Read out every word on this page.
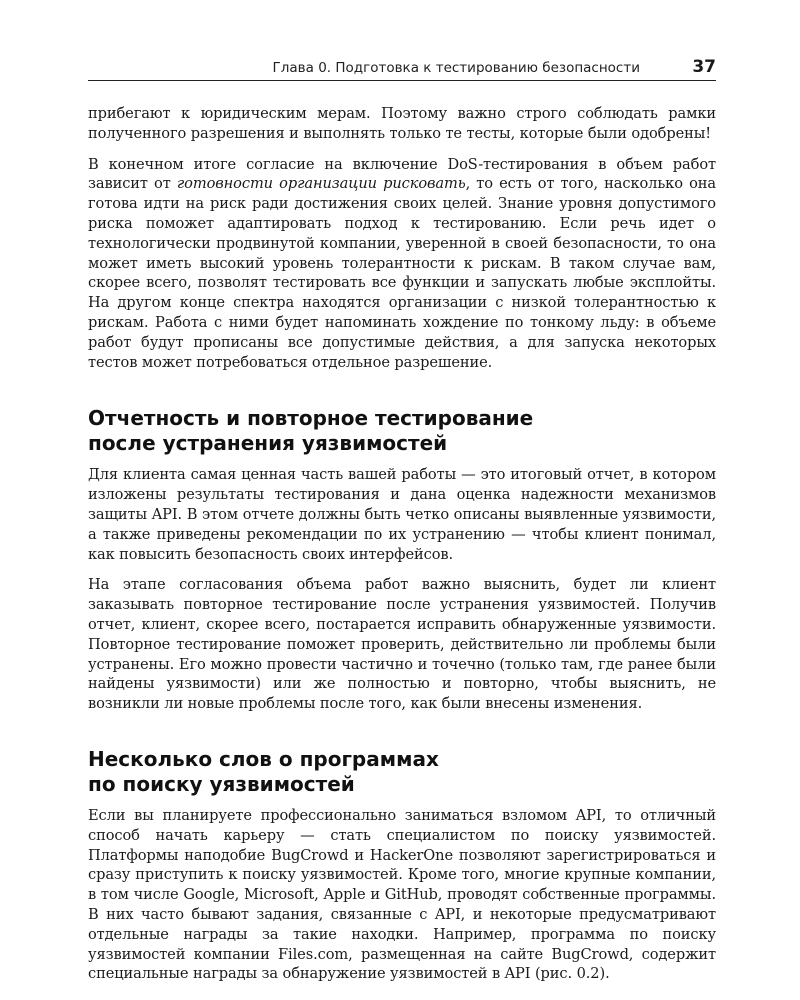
Глава 0. Подготовка к тестированию безопасности	37

прибегают к юридическим мерам. Поэтому важно строго соблюдать рамки полученного разрешения и выполнять только те тесты, которые были одобрены!

В конечном итоге согласие на включение DoS-тестирования в объем работ зависит от готовности организации рисковать, то есть от того, насколько она готова идти на риск ради достижения своих целей. Знание уровня допустимого риска поможет адаптировать подход к тестированию. Если речь идет о технологически продвинутой компании, уверенной в своей безопасности, то она может иметь высокий уровень толерантности к рискам. В таком случае вам, скорее всего, позволят тестировать все функции и запускать любые эксплойты. На другом конце спектра находятся организации с низкой толерантностью к рискам. Работа с ними будет напоминать хождение по тонкому льду: в объеме работ будут прописаны все допустимые действия, а для запуска некоторых тестов может потребоваться отдельное разрешение.

Отчетность и повторное тестирование
после устранения уязвимостей

Для клиента самая ценная часть вашей работы — это итоговый отчет, в котором изложены результаты тестирования и дана оценка надежности механизмов защиты API. В этом отчете должны быть четко описаны выявленные уязвимости, а также приведены рекомендации по их устранению — чтобы клиент понимал, как повысить безопасность своих интерфейсов.

На этапе согласования объема работ важно выяснить, будет ли клиент заказывать повторное тестирование после устранения уязвимостей. Получив отчет, клиент, скорее всего, постарается исправить обнаруженные уязвимости. Повторное тестирование поможет проверить, действительно ли проблемы были устранены. Его можно провести частично и точечно (только там, где ранее были найдены уязвимости) или же полностью и повторно, чтобы выяснить, не возникли ли новые проблемы после того, как были внесены изменения.

Несколько слов о программах
по поиску уязвимостей

Если вы планируете профессионально заниматься взломом API, то отличный способ начать карьеру — стать специалистом по поиску уязвимостей. Платформы наподобие BugCrowd и HackerOne позволяют зарегистрироваться и сразу приступить к поиску уязвимостей. Кроме того, многие крупные компании, в том числе Google, Microsoft, Apple и GitHub, проводят собственные программы. В них часто бывают задания, связанные с API, и некоторые предусматривают отдельные награды за такие находки. Например, программа по поиску уязвимостей компании Files.com, размещенная на сайте BugCrowd, содержит специальные награды за обнаружение уязвимостей в API (рис. 0.2).
